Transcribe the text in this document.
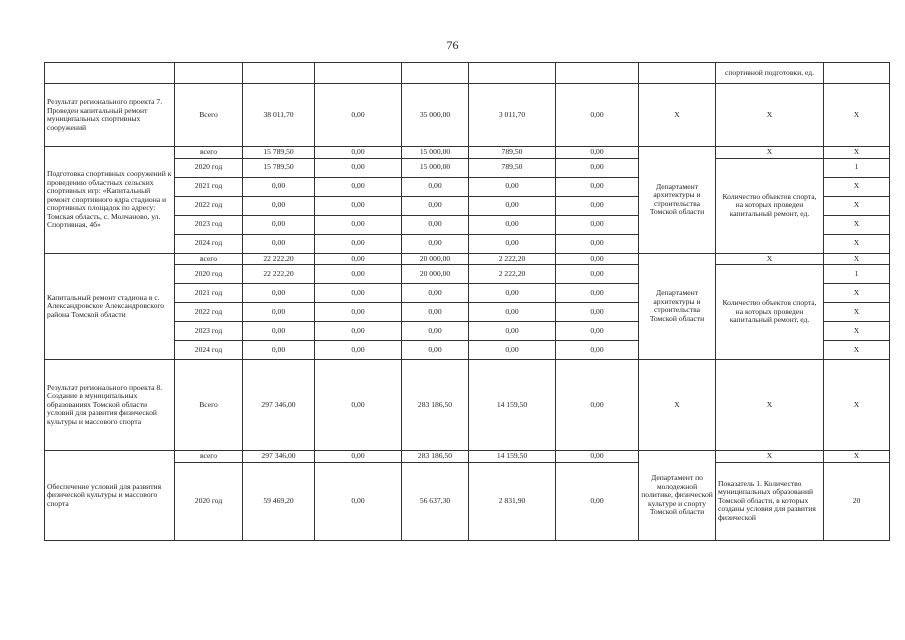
76
								спортивной подготовки, ед.	
Результат регионального проекта 7. Проведен капитальный ремонт муниципальных спортивных сооружений	Всего	38 011,70	0,00	35 000,00	3 011,70	0,00	X	X	X
Подготовка спортивных сооружений к проведению областных сельских спортивных игр: «Капитальный ремонт спортивного ядра стадиона и спортивных площадок по адресу: Томская область, с. Молчаново, ул. Спортивная, 4б»	всего	15 789,50	0,00	15 000,00	789,50	0,00	Департамент архитектуры и строительства Томской области	X	X
	2020 год	15 789,50	0,00	15 000,00	789,50	0,00		Количество объектов спорта, на которых проведен капитальный ремонт, ед.	1
	2021 год	0,00	0,00	0,00	0,00	0,00			X
	2022 год	0,00	0,00	0,00	0,00	0,00			X
	2023 год	0,00	0,00	0,00	0,00	0,00			X
	2024 год	0,00	0,00	0,00	0,00	0,00			X
Капитальный ремонт стадиона в с. Александровское Александровского района Томской области	всего	22 222,20	0,00	20 000,00	2 222,20	0,00	Департамент архитектуры и строительства Томской области	X	X
	2020 год	22 222,20	0,00	20 000,00	2 222,20	0,00		Количество объектов спорта, на которых проведен капитальный ремонт, ед.	1
	2021 год	0,00	0,00	0,00	0,00	0,00			X
	2022 год	0,00	0,00	0,00	0,00	0,00			X
	2023 год	0,00	0,00	0,00	0,00	0,00			X
	2024 год	0,00	0,00	0,00	0,00	0,00			X
Результат регионального проекта 8. Создание в муниципальных образованиях Томской области условий для развития физической культуры и массового спорта	Всего	297 346,00	0,00	283 186,50	14 159,50	0,00	X	X	X
Обеспечение условий для развития физической культуры и массового спорта	всего	297 346,00	0,00	283 186,50	14 159,50	0,00	Департамент по молодежной политике, физической культуре и спорту Томской области	X	X
	2020 год	59 469,20	0,00	56 637,30	2 831,90	0,00		Показатель 1. Количество муниципальных образований Томской области, в которых созданы условия для развития физической	20
